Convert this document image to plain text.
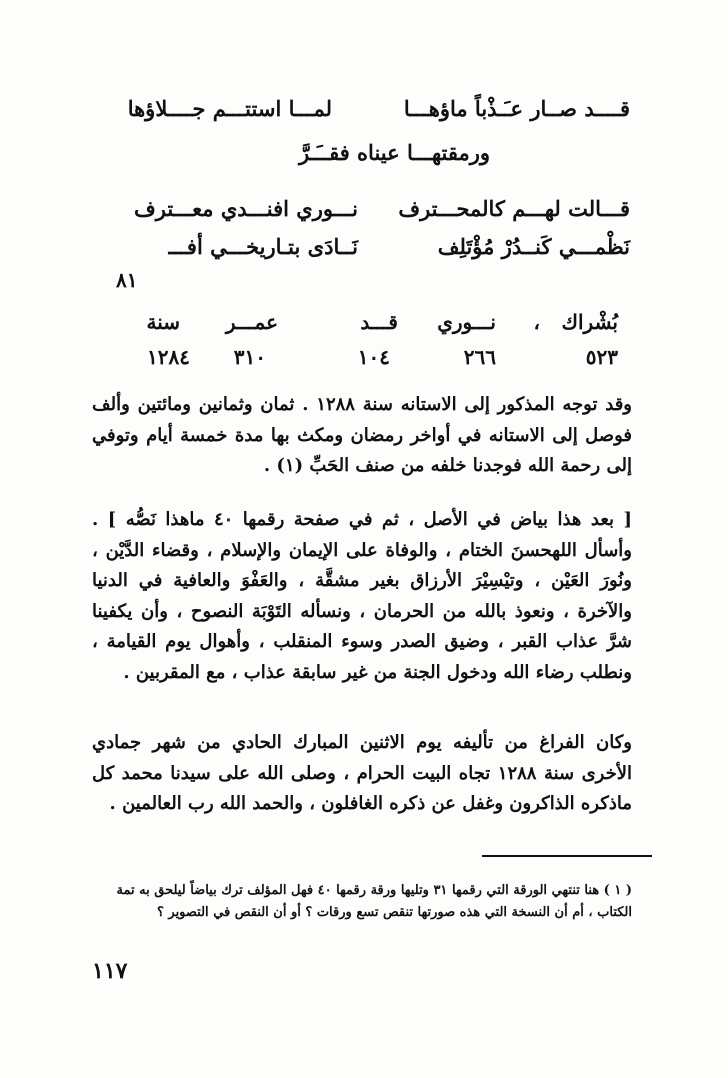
قــــد صــار عـَـذْباً ماؤهـــا
لمـــا استتـــم جــــلاؤها
ورمقتهـــا عيناه فقــَـرَّ
قـــالت لهـــم كالمحـــترف
نـــوري افنـــدي معـــترف
نَظْمـــي كَنــدُرْ مُؤْتَلِف
نَــادَى بتـاريخـــي أفـــ
٨١
بُشْراك
،
نـــوري
قـــد
عمـــر
سنة
٥٢٣
٢٦٦
١٠٤
٣١٠
١٢٨٤
وقد توجه المذكور إلى الاستانه سنة ١٢٨٨ . ثمان وثمانين ومائتين وألف فوصل إلى الاستانه في أواخر رمضان ومكث بها مدة خمسة أيام وتوفي إلى رحمة الله فوجدنا خلفه من صنف الحَبِّ (١) .
[ بعد هذا بياض في الأصل ، ثم في صفحة رقمها ٤٠ ماهذا نَصُّه ] . وأسأل اللهحسنَ الختام ، والوفاة على الإيمان والإسلام ، وقضاء الدَّيْن ، ونُورَ العَيْن ، وتيْسِيْرَ الأرزاق بغير مشقَّة ، والعَفْوَ والعافية في الدنيا والآخرة ، ونعوذ بالله من الحرمان ، ونسأله التَوْبَة النصوح ، وأن يكفينا شرَّ عذاب القبر ، وضيق الصدر وسوء المنقلب ، وأهوال يوم القيامة ، ونطلب رضاء الله ودخول الجنة من غير سابقة عذاب ، مع المقربين .
وكان الفراغ من تأليفه يوم الاثنين المبارك الحادي من شهر جمادي الأخرى سنة ١٢٨٨ تجاه البيت الحرام ، وصلى الله على سيدنا محمد كل ماذكره الذاكرون وغفل عن ذكره الغافلون ، والحمد الله رب العالمين .
( ١ ) هنا تنتهي الورقة التي رقمها ٣١ وتليها ورقة رقمها ٤٠ فهل المؤلف ترك بياضاً ليلحق به تمة الكتاب ، أم أن النسخة التي هذه صورتها تنقص تسع ورقات ؟ أو أن النقص في التصوير ؟
١١٧
